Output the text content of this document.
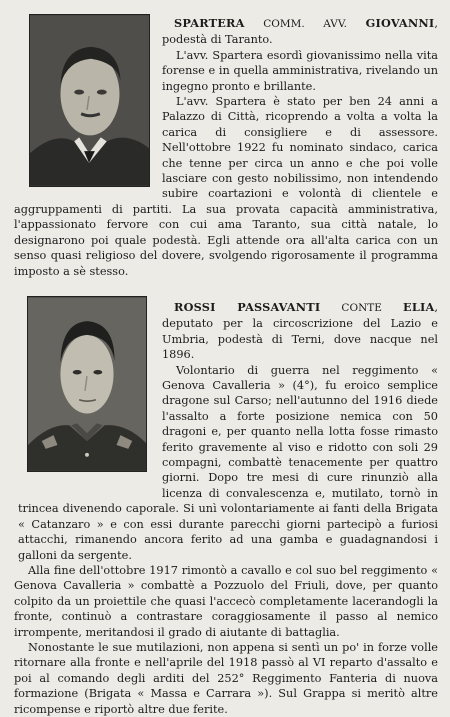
SPARTERA COMM. AVV. GIOVANNI, podestà di Taranto.

L'avv. Spartera esordì giovanissimo nella vita forense e in quella amministrativa, rivelando un ingegno pronto e brillante.

L'avv. Spartera è stato per ben 24 anni a Palazzo di Città, ricoprendo a volta a volta la carica di consigliere e di assessore. Nell'ottobre 1922 fu nominato sindaco, carica che tenne per circa un anno e che poi volle lasciare con gesto nobilissimo, non intendendo subire coartazioni e volontà di clientele e aggruppamenti di partiti. La sua provata capacità amministrativa, l'appassionato fervore con cui ama Taranto, sua città natale, lo designarono poi quale podestà. Egli attende ora all'alta carica con un senso quasi religioso del dovere, svolgendo rigorosamente il programma imposto a sè stesso.

ROSSI PASSAVANTI CONTE ELIA, deputato per la circoscrizione del Lazio e Umbria, podestà di Terni, dove nacque nel 1896.

Volontario di guerra nel reggimento « Genova Cavalleria » (4°), fu eroico semplice dragone sul Carso; nell'autunno del 1916 diede l'assalto a forte posizione nemica con 50 dragoni e, per quanto nella lotta fosse rimasto ferito gravemente al viso e ridotto con soli 29 compagni, combattè tenacemente per quattro giorni. Dopo tre mesi di cure rinunziò alla licenza di convalescenza e, mutilato, tornò in trincea divenendo caporale. Si unì volontariamente ai fanti della Brigata « Catanzaro » e con essi durante parecchi giorni partecipò a furiosi attacchi, rimanendo ancora ferito ad una gamba e guadagnandosi i galloni da sergente.

Alla fine dell'ottobre 1917 rimontò a cavallo e col suo bel reggimento « Genova Cavalleria » combattè a Pozzuolo del Friuli, dove, per quanto colpito da un proiettile che quasi l'accecò completamente lacerandogli la fronte, continuò a contrastare coraggiosamente il passo al nemico irrompente, meritandosi il grado di aiutante di battaglia.

Nonostante le sue mutilazioni, non appena si sentì un po' in forze volle ritornare alla fronte e nell'aprile del 1918 passò al VI reparto d'assalto e poi al comando degli arditi del 252° Reggimento Fanteria di nuova formazione (Brigata « Massa e Carrara »). Sul Grappa si meritò altre ricompense e riportò altre due ferite.
